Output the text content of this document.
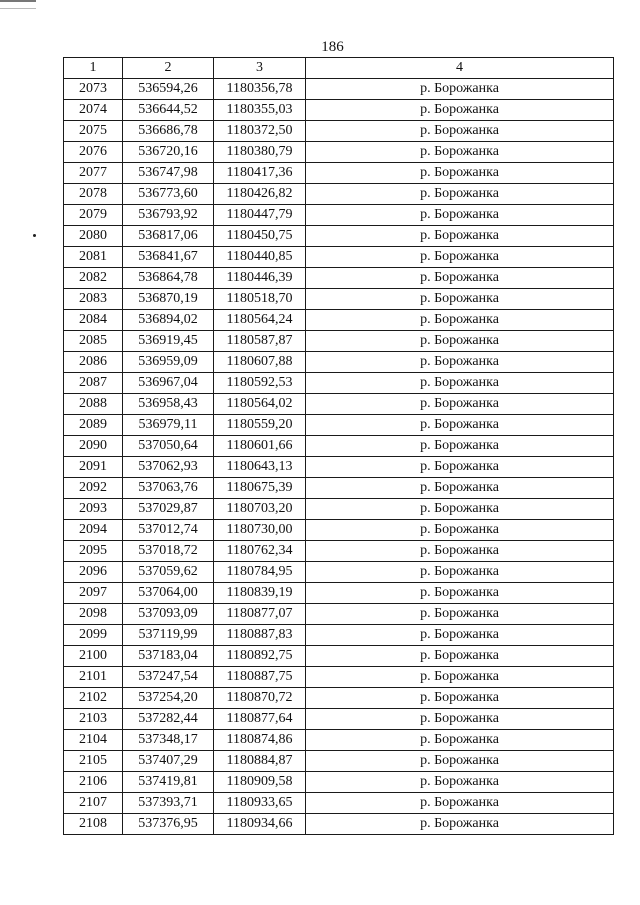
186
1	2	3	4
2073	536594,26	1180356,78	р. Борожанка
2074	536644,52	1180355,03	р. Борожанка
2075	536686,78	1180372,50	р. Борожанка
2076	536720,16	1180380,79	р. Борожанка
2077	536747,98	1180417,36	р. Борожанка
2078	536773,60	1180426,82	р. Борожанка
2079	536793,92	1180447,79	р. Борожанка
2080	536817,06	1180450,75	р. Борожанка
2081	536841,67	1180440,85	р. Борожанка
2082	536864,78	1180446,39	р. Борожанка
2083	536870,19	1180518,70	р. Борожанка
2084	536894,02	1180564,24	р. Борожанка
2085	536919,45	1180587,87	р. Борожанка
2086	536959,09	1180607,88	р. Борожанка
2087	536967,04	1180592,53	р. Борожанка
2088	536958,43	1180564,02	р. Борожанка
2089	536979,11	1180559,20	р. Борожанка
2090	537050,64	1180601,66	р. Борожанка
2091	537062,93	1180643,13	р. Борожанка
2092	537063,76	1180675,39	р. Борожанка
2093	537029,87	1180703,20	р. Борожанка
2094	537012,74	1180730,00	р. Борожанка
2095	537018,72	1180762,34	р. Борожанка
2096	537059,62	1180784,95	р. Борожанка
2097	537064,00	1180839,19	р. Борожанка
2098	537093,09	1180877,07	р. Борожанка
2099	537119,99	1180887,83	р. Борожанка
2100	537183,04	1180892,75	р. Борожанка
2101	537247,54	1180887,75	р. Борожанка
2102	537254,20	1180870,72	р. Борожанка
2103	537282,44	1180877,64	р. Борожанка
2104	537348,17	1180874,86	р. Борожанка
2105	537407,29	1180884,87	р. Борожанка
2106	537419,81	1180909,58	р. Борожанка
2107	537393,71	1180933,65	р. Борожанка
2108	537376,95	1180934,66	р. Борожанка
